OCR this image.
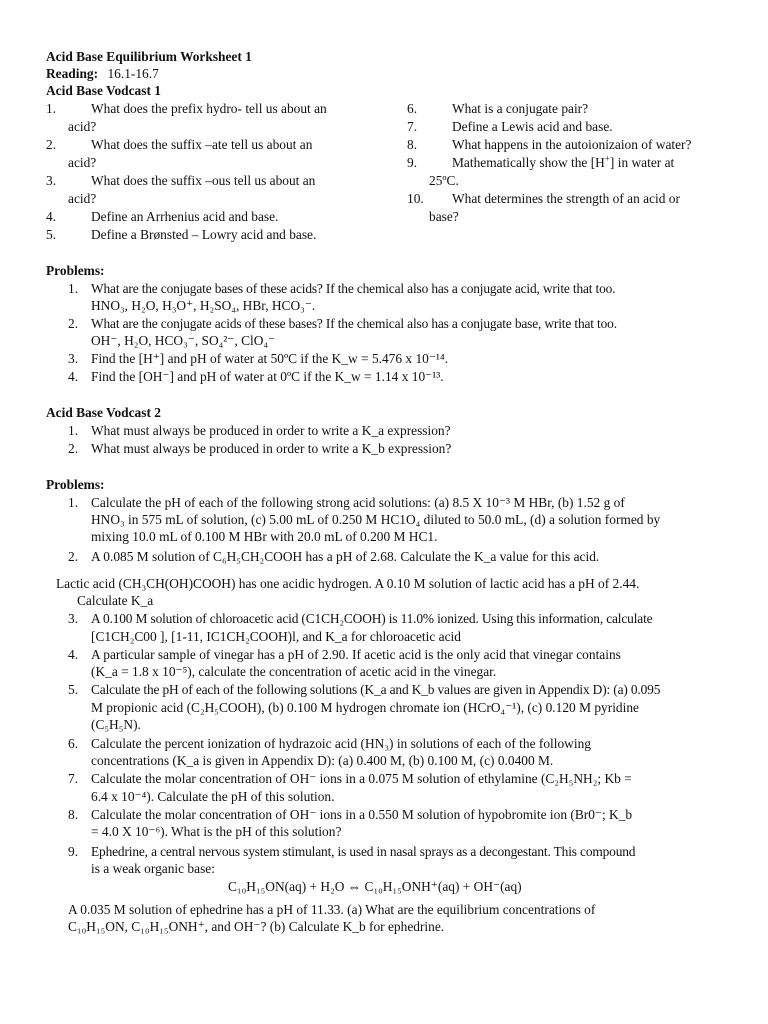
Acid Base Equilibrium Worksheet 1
Reading: 16.1-16.7
Acid Base Vodcast 1
1.	What does the prefix hydro- tell us about an
acid?
2.	What does the suffix –ate tell us about an
acid?
3.	What does the suffix –ous tell us about an
acid?
4.	Define an Arrhenius acid and base.
5.	Define a Brønsted – Lowry acid and base.
6.	What is a conjugate pair?
7.	Define a Lewis acid and base.
8.	What happens in the autoionizaion of water?
9.	Mathematically show the [H+] in water at
25ºC.
10. What determines the strength of an acid or
base?
Problems:
1. What are the conjugate bases of these acids? If the chemical also has a conjugate acid, write that too.
HNO₃, H₂O, H₃O⁺, H₂SO₄, HBr, HCO₃⁻.
2. What are the conjugate acids of these bases? If the chemical also has a conjugate base, write that too.
OH⁻, H₂O, HCO₃⁻, SO₄²⁻, ClO₄⁻
3. Find the [H⁺] and pH of water at 50ºC if the K_w = 5.476 x 10⁻¹⁴.
4. Find the [OH⁻] and pH of water at 0ºC if the K_w = 1.14 x 10⁻¹³.
Acid Base Vodcast 2
1. What must always be produced in order to write a K_a expression?
2. What must always be produced in order to write a K_b expression?
Problems:
1. Calculate the pH of each of the following strong acid solutions: (a) 8.5 X 10⁻³ M HBr, (b) 1.52 g of
HNO₃ in 575 mL of solution, (c) 5.00 mL of 0.250 M HC1O₄ diluted to 50.0 mL, (d) a solution formed by
mixing 10.0 mL of 0.100 M HBr with 20.0 mL of 0.200 M HC1.
2. A 0.085 M solution of C₆H₅CH₂COOH has a pH of 2.68. Calculate the K_a value for this acid.
Lactic acid (CH₃CH(OH)COOH) has one acidic hydrogen. A 0.10 M solution of lactic acid has a pH of 2.44.
Calculate K_a
3. A 0.100 M solution of chloroacetic acid (C1CH₂COOH) is 11.0% ionized. Using this information, calculate
[C1CH₂C00 ], [1-11, IC1CH₂COOH)l, and K_a for chloroacetic acid
4. A particular sample of vinegar has a pH of 2.90. If acetic acid is the only acid that vinegar contains
(K_a = 1.8 x 10⁻⁵), calculate the concentration of acetic acid in the vinegar.
5. Calculate the pH of each of the following solutions (K_a and K_b values are given in Appendix D): (a) 0.095
M propionic acid (C₂H₅COOH), (b) 0.100 M hydrogen chromate ion (HCrO₄⁻¹), (c) 0.120 M pyridine
(C₅H₅N).
6. Calculate the percent ionization of hydrazoic acid (HN₃) in solutions of each of the following
concentrations (K_a is given in Appendix D): (a) 0.400 M, (b) 0.100 M, (c) 0.0400 M.
7. Calculate the molar concentration of OH⁻ ions in a 0.075 M solution of ethylamine (C₂H₅NH₂; Kb =
6.4 x 10⁻⁴). Calculate the pH of this solution.
8. Calculate the molar concentration of OH⁻ ions in a 0.550 M solution of hypobromite ion (Br0⁻; K_b
= 4.0 X 10⁻⁶). What is the pH of this solution?
9. Ephedrine, a central nervous system stimulant, is used in nasal sprays as a decongestant. This compound
is a weak organic base:
C₁₀H₁₅ON(aq) + H₂O ⇔ C₁₀H₁₅ONH⁺(aq) + OH⁻(aq)
A 0.035 M solution of ephedrine has a pH of 11.33. (a) What are the equilibrium concentrations of
C₁₀H₁₅ON, C₁₀H₁₅ONH⁺, and OH⁻? (b) Calculate K_b for ephedrine.
